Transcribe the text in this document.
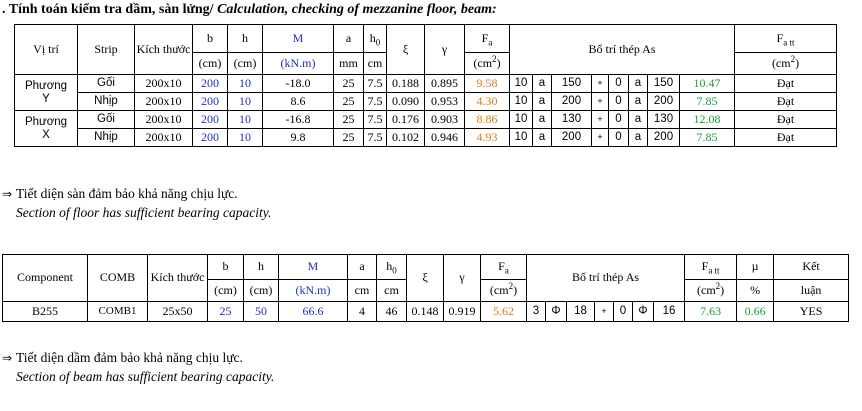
. Tính toán kiểm tra dầm, sàn lửng/ Calculation, checking of mezzanine floor, beam:
Vị trí	Strip	Kích thước	b	h	M	a	$h_0$	ξ	γ	$F_a$	Bố trí thép As								$F_{a tt}$	
			(cm)	(cm)	(kN.m)	mm	cm			$(cm^2)$									$(cm^2)$	
Phương
Y	Gối	200x10	200	10	-18.0	25	7.5	0.188	0.895	9.58	10	a	150	+	0	a	150	10.47	Đạt	
	Nhịp	200x10	200	10	8.6	25	7.5	0.090	0.953	4.30	10	a	200	+	0	a	200	7.85	Đạt	
Phương
X	Gối	200x10	200	10	-16.8	25	7.5	0.176	0.903	8.86	10	a	130	+	0	a	130	12.08	Đạt	
	Nhịp	200x10	200	10	9.8	25	7.5	0.102	0.946	4.93	10	a	200	+	0	a	200	7.85	Đạt	
⇒ Tiết diện sàn đảm bảo khả năng chịu lực.
Section of floor has sufficient bearing capacity.
Component	COMB	Kích thước	b	h	M	a	$h_0$	ξ	γ	$F_a$	Bố trí thép As							$F_{a tt}$	µ	Kết
			(cm)	(cm)	(kN.m)	cm	cm			$(cm^2)$								$(cm^2)$	%	luận
B255	COMB1	25x50	25	50	66.6	4	46	0.148	0.919	5.62	3	Φ	18	+	0	Φ	16	7.63	0.66	YES
⇒ Tiết diện dầm đảm bảo khả năng chịu lực.
Section of beam has sufficient bearing capacity.
